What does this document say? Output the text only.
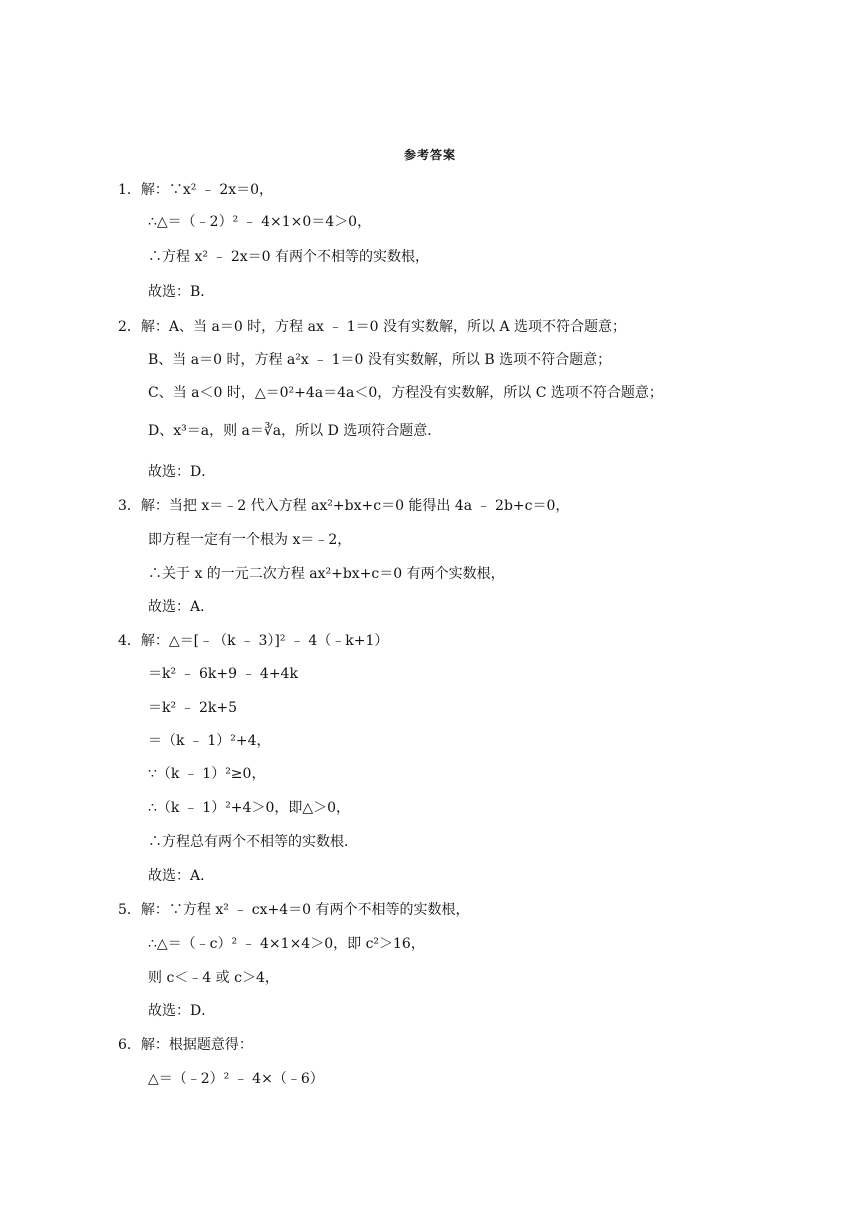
参考答案
1．解：∵x² ﹣ 2x＝0，
∴△＝（﹣2）² ﹣ 4×1×0＝4＞0，
∴方程 x² ﹣ 2x＝0 有两个不相等的实数根，
故选：B．
2．解：A、当 a＝0 时，方程 ax ﹣ 1＝0 没有实数解，所以 A 选项不符合题意；
B、当 a＝0 时，方程 a²x ﹣ 1＝0 没有实数解，所以 B 选项不符合题意；
C、当 a＜0 时，△＝0²+4a＝4a＜0，方程没有实数解，所以 C 选项不符合题意；
D、x³＝a，则 a＝∛a，所以 D 选项符合题意．
故选：D．
3．解：当把 x＝﹣2 代入方程 ax²+bx+c＝0 能得出 4a ﹣ 2b+c＝0，
即方程一定有一个根为 x＝﹣2，
∴关于 x 的一元二次方程 ax²+bx+c＝0 有两个实数根，
故选：A．
4．解：△＝[﹣（k ﹣ 3）]² ﹣ 4（﹣k+1）
＝k² ﹣ 6k+9 ﹣ 4+4k
＝k² ﹣ 2k+5
＝（k ﹣ 1）²+4，
∵（k ﹣ 1）²≥0，
∴（k ﹣ 1）²+4＞0，即△＞0，
∴方程总有两个不相等的实数根．
故选：A．
5．解：∵方程 x² ﹣ cx+4＝0 有两个不相等的实数根，
∴△＝（﹣c）² ﹣ 4×1×4＞0，即 c²＞16，
则 c＜﹣4 或 c＞4，
故选：D．
6．解：根据题意得：
△＝（﹣2）² ﹣ 4×（﹣6）
